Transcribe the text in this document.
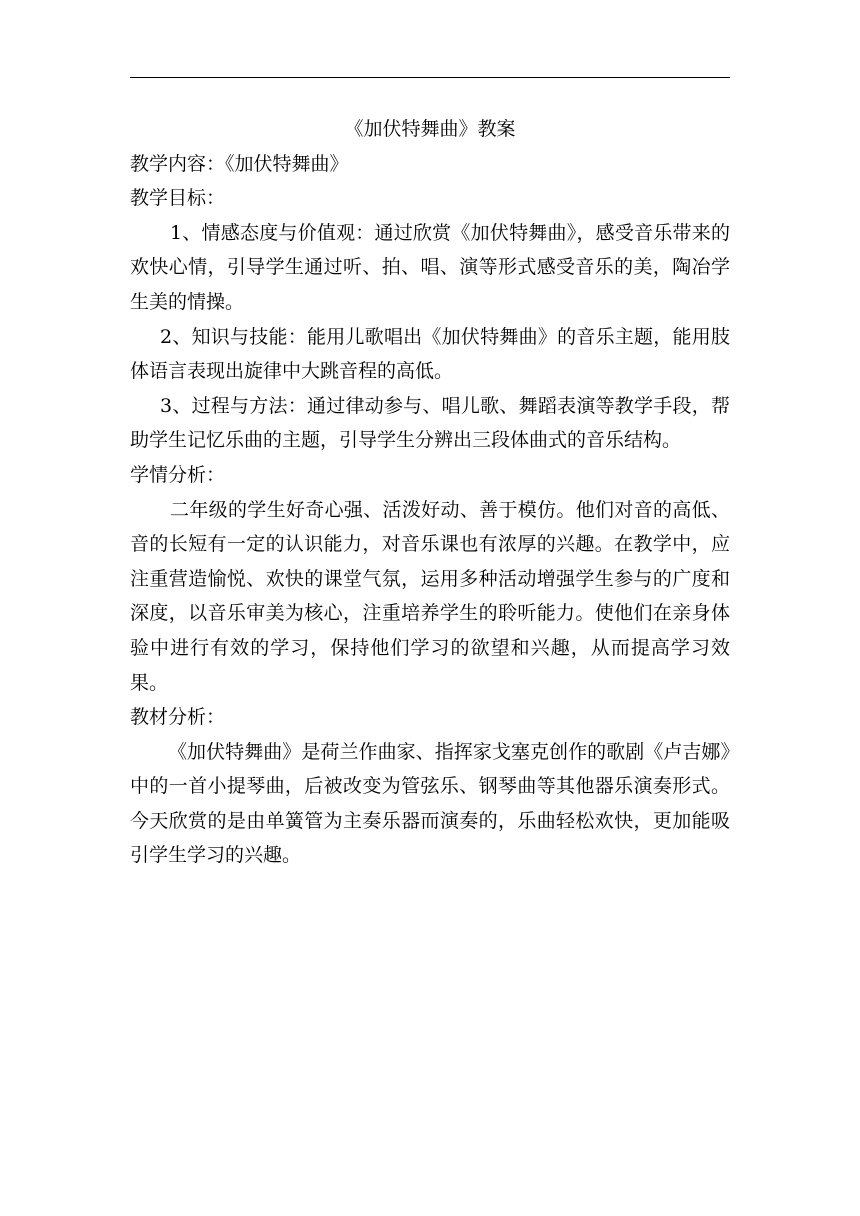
《加伏特舞曲》教案

教学内容：《加伏特舞曲》

教学目标：

1、情感态度与价值观：通过欣赏《加伏特舞曲》，感受音乐带来的欢快心情，引导学生通过听、拍、唱、演等形式感受音乐的美，陶冶学生美的情操。

2、知识与技能：能用儿歌唱出《加伏特舞曲》的音乐主题，能用肢体语言表现出旋律中大跳音程的高低。

3、过程与方法：通过律动参与、唱儿歌、舞蹈表演等教学手段，帮助学生记忆乐曲的主题，引导学生分辨出三段体曲式的音乐结构。

学情分析：

二年级的学生好奇心强、活泼好动、善于模仿。他们对音的高低、音的长短有一定的认识能力，对音乐课也有浓厚的兴趣。在教学中，应注重营造愉悦、欢快的课堂气氛，运用多种活动增强学生参与的广度和深度，以音乐审美为核心，注重培养学生的聆听能力。使他们在亲身体验中进行有效的学习，保持他们学习的欲望和兴趣，从而提高学习效果。

教材分析：

《加伏特舞曲》是荷兰作曲家、指挥家戈塞克创作的歌剧《卢吉娜》中的一首小提琴曲，后被改变为管弦乐、钢琴曲等其他器乐演奏形式。今天欣赏的是由单簧管为主奏乐器而演奏的，乐曲轻松欢快，更加能吸引学生学习的兴趣。
